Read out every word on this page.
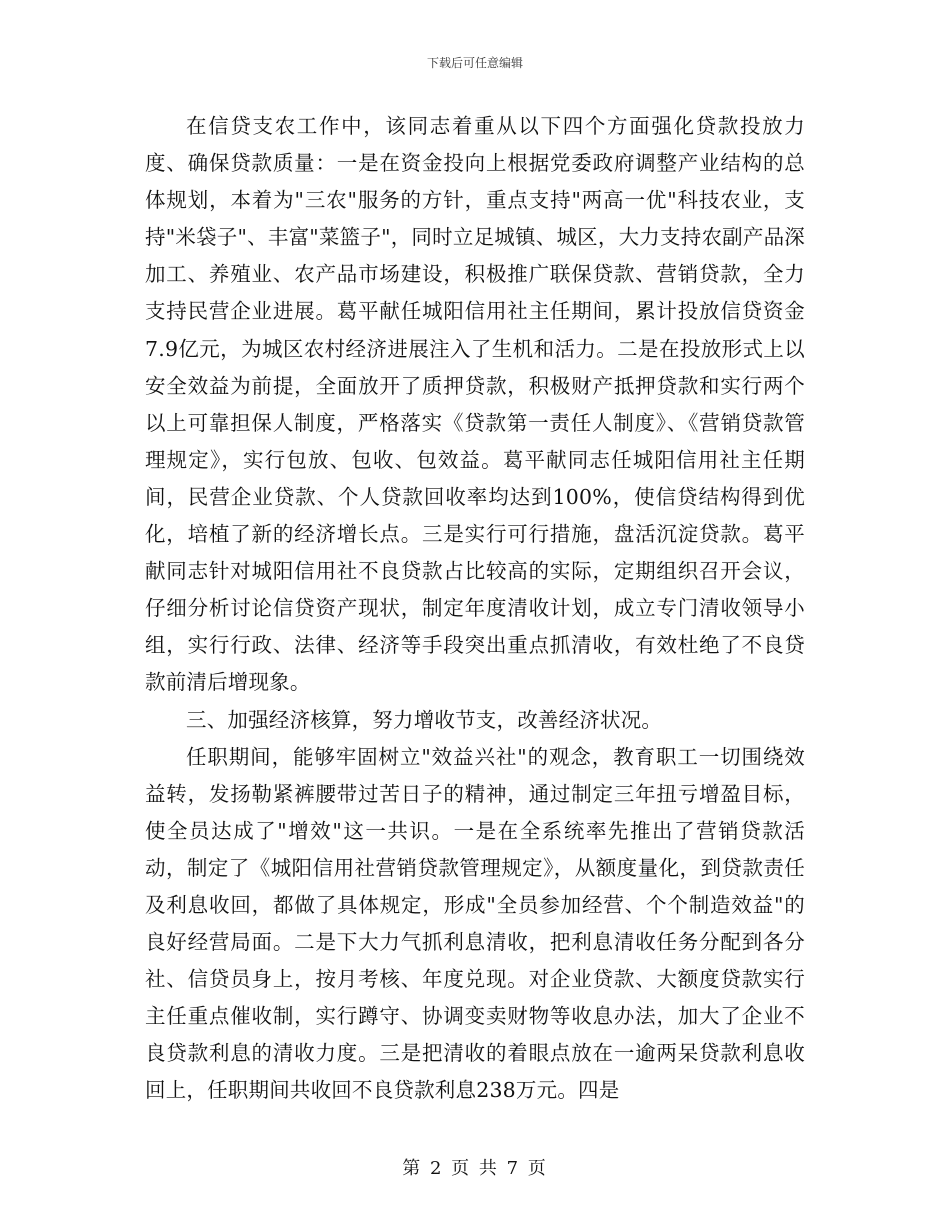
下载后可任意编辑

在信贷支农工作中，该同志着重从以下四个方面强化贷款投放力度、确保贷款质量：一是在资金投向上根据党委政府调整产业结构的总体规划，本着为"三农"服务的方针，重点支持"两高一优"科技农业，支持"米袋子"、丰富"菜篮子"，同时立足城镇、城区，大力支持农副产品深加工、养殖业、农产品市场建设，积极推广联保贷款、营销贷款，全力支持民营企业进展。葛平献任城阳信用社主任期间，累计投放信贷资金7.9亿元，为城区农村经济进展注入了生机和活力。二是在投放形式上以安全效益为前提，全面放开了质押贷款，积极财产抵押贷款和实行两个以上可靠担保人制度，严格落实《贷款第一责任人制度》、《营销贷款管理规定》，实行包放、包收、包效益。葛平献同志任城阳信用社主任期间，民营企业贷款、个人贷款回收率均达到100%，使信贷结构得到优化，培植了新的经济增长点。三是实行可行措施，盘活沉淀贷款。葛平献同志针对城阳信用社不良贷款占比较高的实际，定期组织召开会议，仔细分析讨论信贷资产现状，制定年度清收计划，成立专门清收领导小组，实行行政、法律、经济等手段突出重点抓清收，有效杜绝了不良贷款前清后增现象。

三、加强经济核算，努力增收节支，改善经济状况。

任职期间，能够牢固树立"效益兴社"的观念，教育职工一切围绕效益转，发扬勒紧裤腰带过苦日子的精神，通过制定三年扭亏增盈目标，使全员达成了"增效"这一共识。一是在全系统率先推出了营销贷款活动，制定了《城阳信用社营销贷款管理规定》，从额度量化，到贷款责任及利息收回，都做了具体规定，形成"全员参加经营、个个制造效益"的良好经营局面。二是下大力气抓利息清收，把利息清收任务分配到各分社、信贷员身上，按月考核、年度兑现。对企业贷款、大额度贷款实行主任重点催收制，实行蹲守、协调变卖财物等收息办法，加大了企业不良贷款利息的清收力度。三是把清收的着眼点放在一逾两呆贷款利息收回上，任职期间共收回不良贷款利息238万元。四是

第 2 页 共 7 页
